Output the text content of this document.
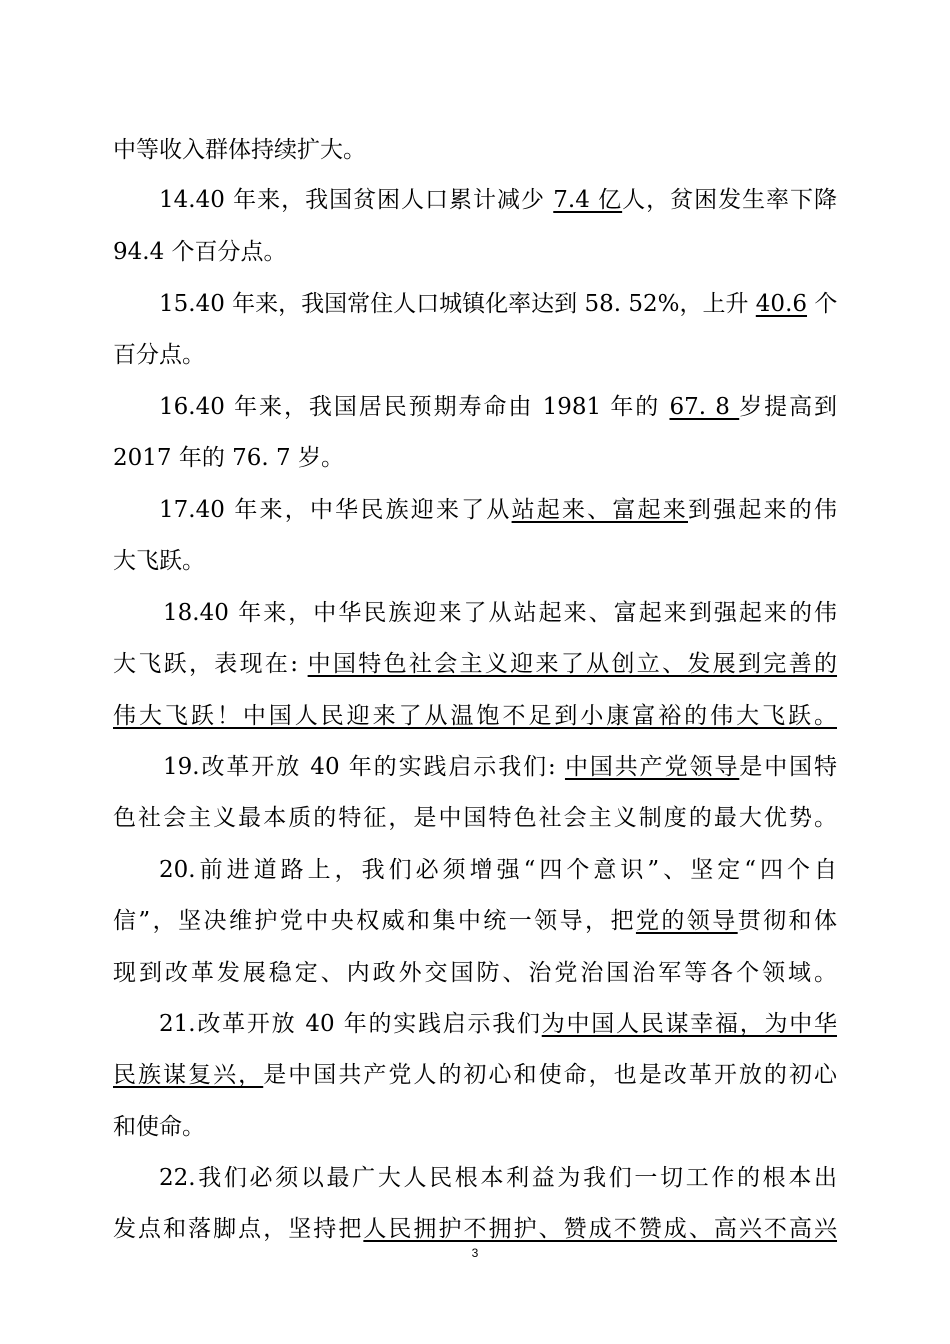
中等收入群体持续扩大。
14.40 年来，我国贫困人口累计减少 7.4 亿人，贫困发生率下降
94.4 个百分点。
15.40 年来，我国常住人口城镇化率达到 58. 52%，上升 40.6 个
百分点。
16.40 年来，我国居民预期寿命由 1981 年的 67. 8 岁提高到
2017 年的 76. 7 岁。
17.40 年来，中华民族迎来了从站起来、富起来到强起来的伟
大飞跃。
18.40 年来，中华民族迎来了从站起来、富起来到强起来的伟
大飞跃，表现在: 中国特色社会主义迎来了从创立、发展到完善的
伟大飞跃！中国人民迎来了从温饱不足到小康富裕的伟大飞跃。
19.改革开放 40 年的实践启示我们: 中国共产党领导是中国特
色社会主义最本质的特征，是中国特色社会主义制度的最大优势。
20.前进道路上，我们必须增强“四个意识”、坚定“四个自
信”，坚决维护党中央权威和集中统一领导，把党的领导贯彻和体
现到改革发展稳定、内政外交国防、治党治国治军等各个领域。
21.改革开放 40 年的实践启示我们为中国人民谋幸福，为中华
民族谋复兴，是中国共产党人的初心和使命，也是改革开放的初心
和使命。
22.我们必须以最广大人民根本利益为我们一切工作的根本出
发点和落脚点，坚持把人民拥护不拥护、赞成不赞成、高兴不高兴
3
